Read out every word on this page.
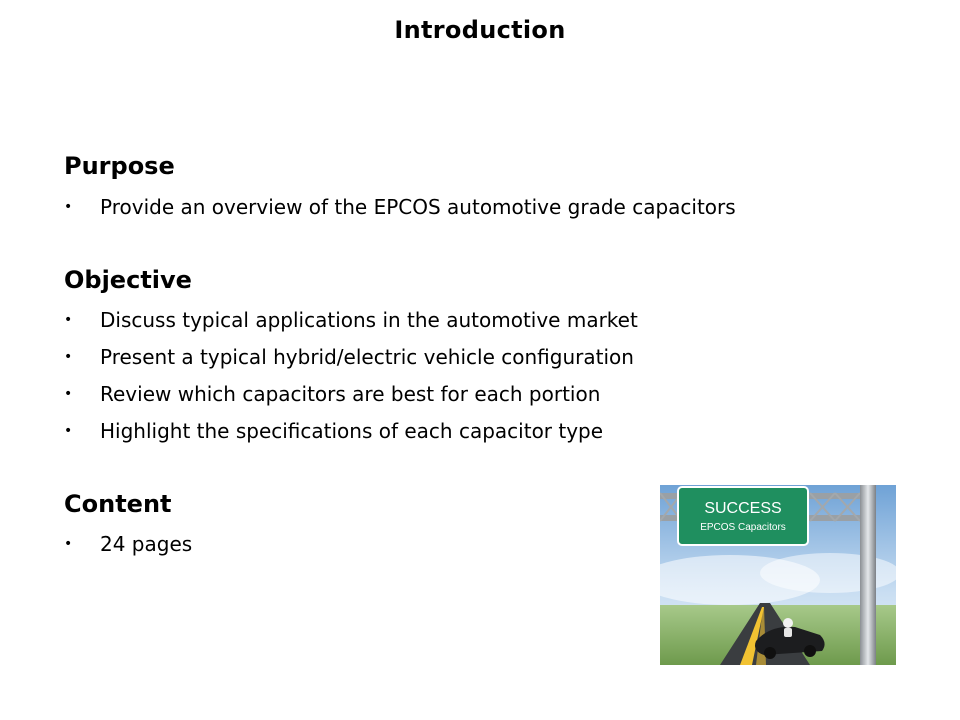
Introduction
Purpose
• Provide an overview of the EPCOS automotive grade capacitors
Objective
• Discuss typical applications in the automotive market
• Present a typical hybrid/electric vehicle configuration
• Review which capacitors are best for each portion
• Highlight the specifications of each capacitor type
Content
• 24 pages
SUCCESS
EPCOS Capacitors
